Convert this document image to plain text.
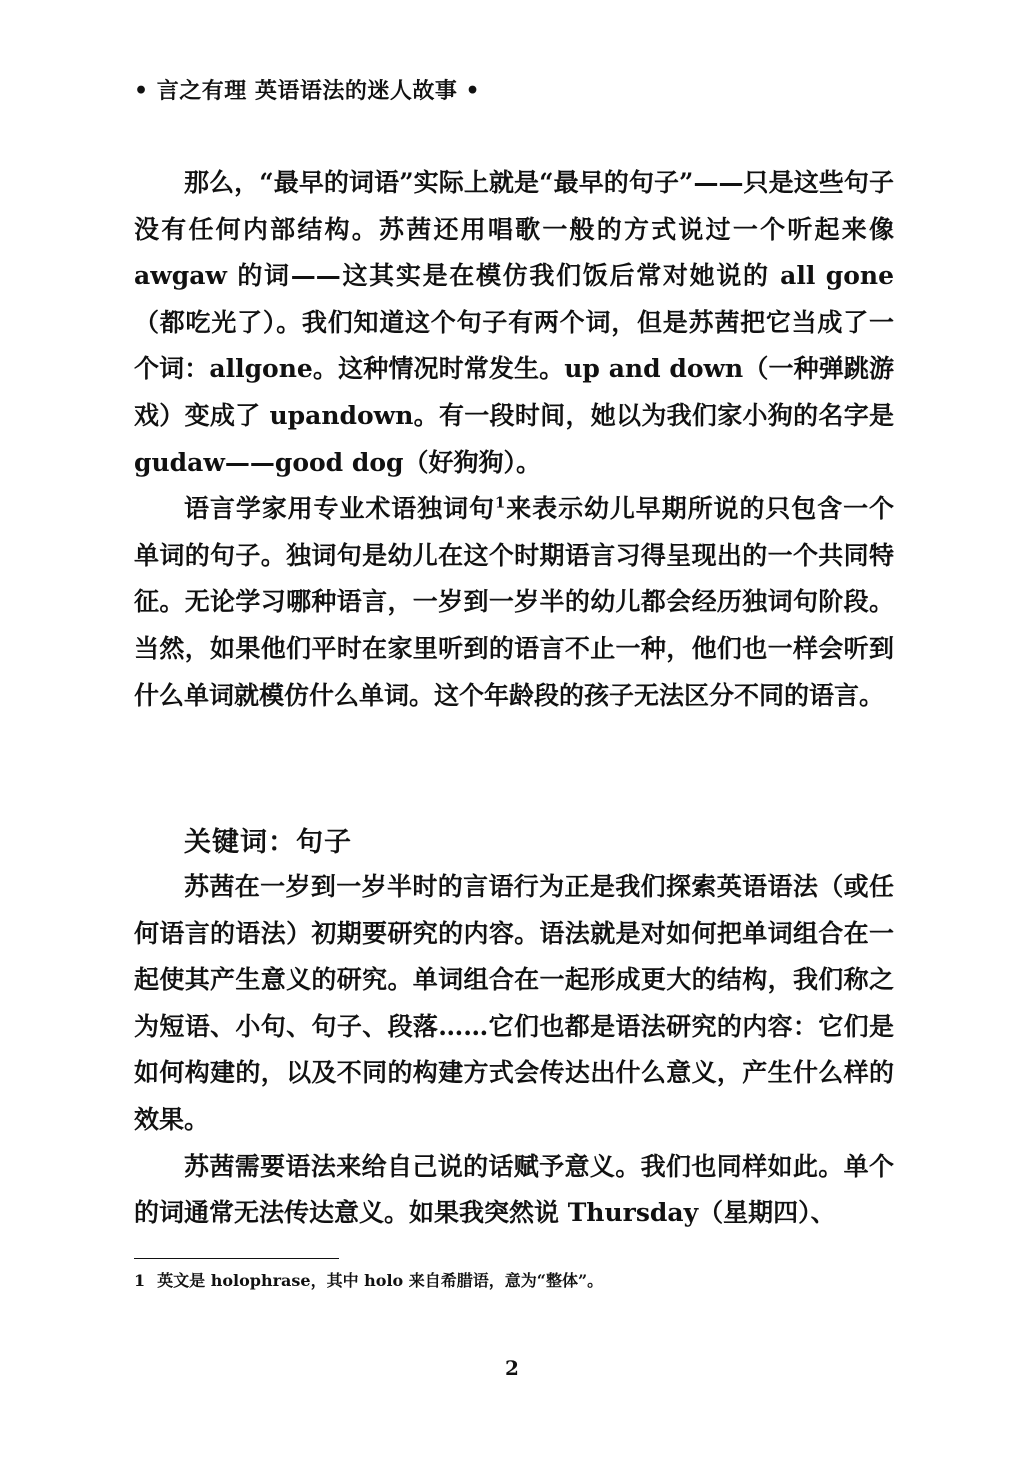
• 言之有理 英语语法的迷人故事 •

那么，“最早的词语”实际上就是“最早的句子”——只是这些句子没有任何内部结构。苏茜还用唱歌一般的方式说过一个听起来像 awgaw 的词——这其实是在模仿我们饭后常对她说的 all gone（都吃光了）。我们知道这个句子有两个词，但是苏茜把它当成了一个词：allgone。这种情况时常发生。up and down（一种弹跳游戏）变成了 upandown。有一段时间，她以为我们家小狗的名字是 gudaw——good dog（好狗狗）。

语言学家用专业术语独词句$^1$来表示幼儿早期所说的只包含一个单词的句子。独词句是幼儿在这个时期语言习得呈现出的一个共同特征。无论学习哪种语言，一岁到一岁半的幼儿都会经历独词句阶段。当然，如果他们平时在家里听到的语言不止一种，他们也一样会听到什么单词就模仿什么单词。这个年龄段的孩子无法区分不同的语言。

关键词：句子

苏茜在一岁到一岁半时的言语行为正是我们探索英语语法（或任何语言的语法）初期要研究的内容。语法就是对如何把单词组合在一起使其产生意义的研究。单词组合在一起形成更大的结构，我们称之为短语、小句、句子、段落……它们也都是语法研究的内容：它们是如何构建的，以及不同的构建方式会传达出什么意义，产生什么样的效果。

苏茜需要语法来给自己说的话赋予意义。我们也同样如此。单个的词通常无法传达意义。如果我突然说 Thursday（星期四）、

1 英文是 holophrase，其中 holo 来自希腊语，意为“整体”。
2
